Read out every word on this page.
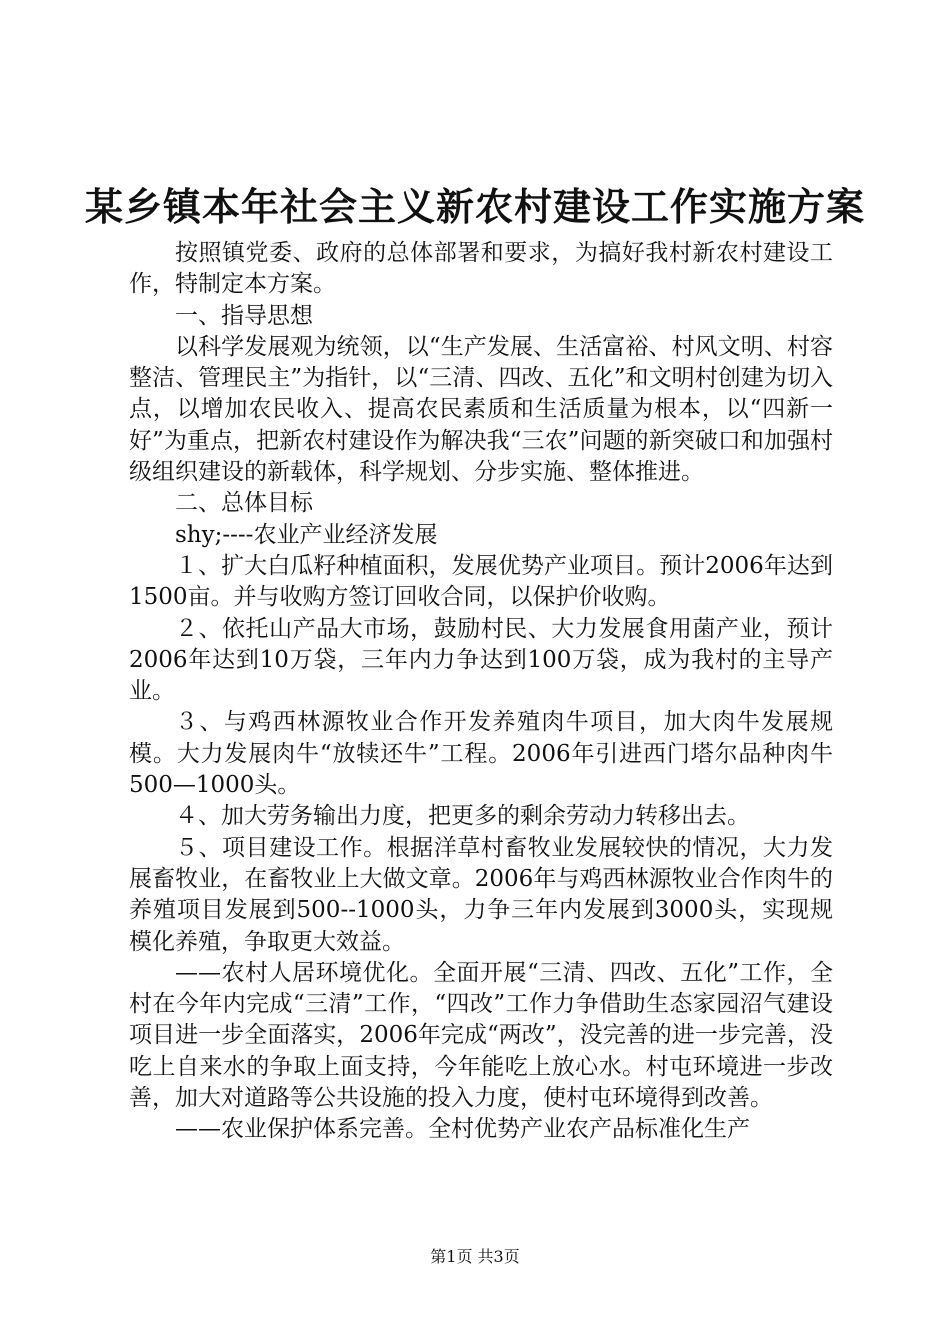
某乡镇本年社会主义新农村建设工作实施方案

按照镇党委、政府的总体部署和要求，为搞好我村新农村建设工作，特制定本方案。

一、指导思想

以科学发展观为统领，以“生产发展、生活富裕、村风文明、村容整洁、管理民主”为指针，以“三清、四改、五化”和文明村创建为切入点，以增加农民收入、提高农民素质和生活质量为根本，以“四新一好”为重点，把新农村建设作为解决我“三农”问题的新突破口和加强村级组织建设的新载体，科学规划、分步实施、整体推进。

二、总体目标

shy;----农业产业经济发展

１、扩大白瓜籽种植面积，发展优势产业项目。预计2006年达到1500亩。并与收购方签订回收合同，以保护价收购。

２、依托山产品大市场，鼓励村民、大力发展食用菌产业，预计2006年达到10万袋，三年内力争达到100万袋，成为我村的主导产业。

３、与鸡西林源牧业合作开发养殖肉牛项目，加大肉牛发展规模。大力发展肉牛“放犊还牛”工程。2006年引进西门塔尔品种肉牛500—1000头。

４、加大劳务输出力度，把更多的剩余劳动力转移出去。

５、项目建设工作。根据洋草村畜牧业发展较快的情况，大力发展畜牧业，在畜牧业上大做文章。2006年与鸡西林源牧业合作肉牛的养殖项目发展到500--1000头，力争三年内发展到3000头，实现规模化养殖，争取更大效益。

——农村人居环境优化。全面开展“三清、四改、五化”工作，全村在今年内完成“三清”工作，“四改”工作力争借助生态家园沼气建设项目进一步全面落实，2006年完成“两改”，没完善的进一步完善，没吃上自来水的争取上面支持，今年能吃上放心水。村屯环境进一步改善，加大对道路等公共设施的投入力度，使村屯环境得到改善。

——农业保护体系完善。全村优势产业农产品标准化生产

第1页 共3页
